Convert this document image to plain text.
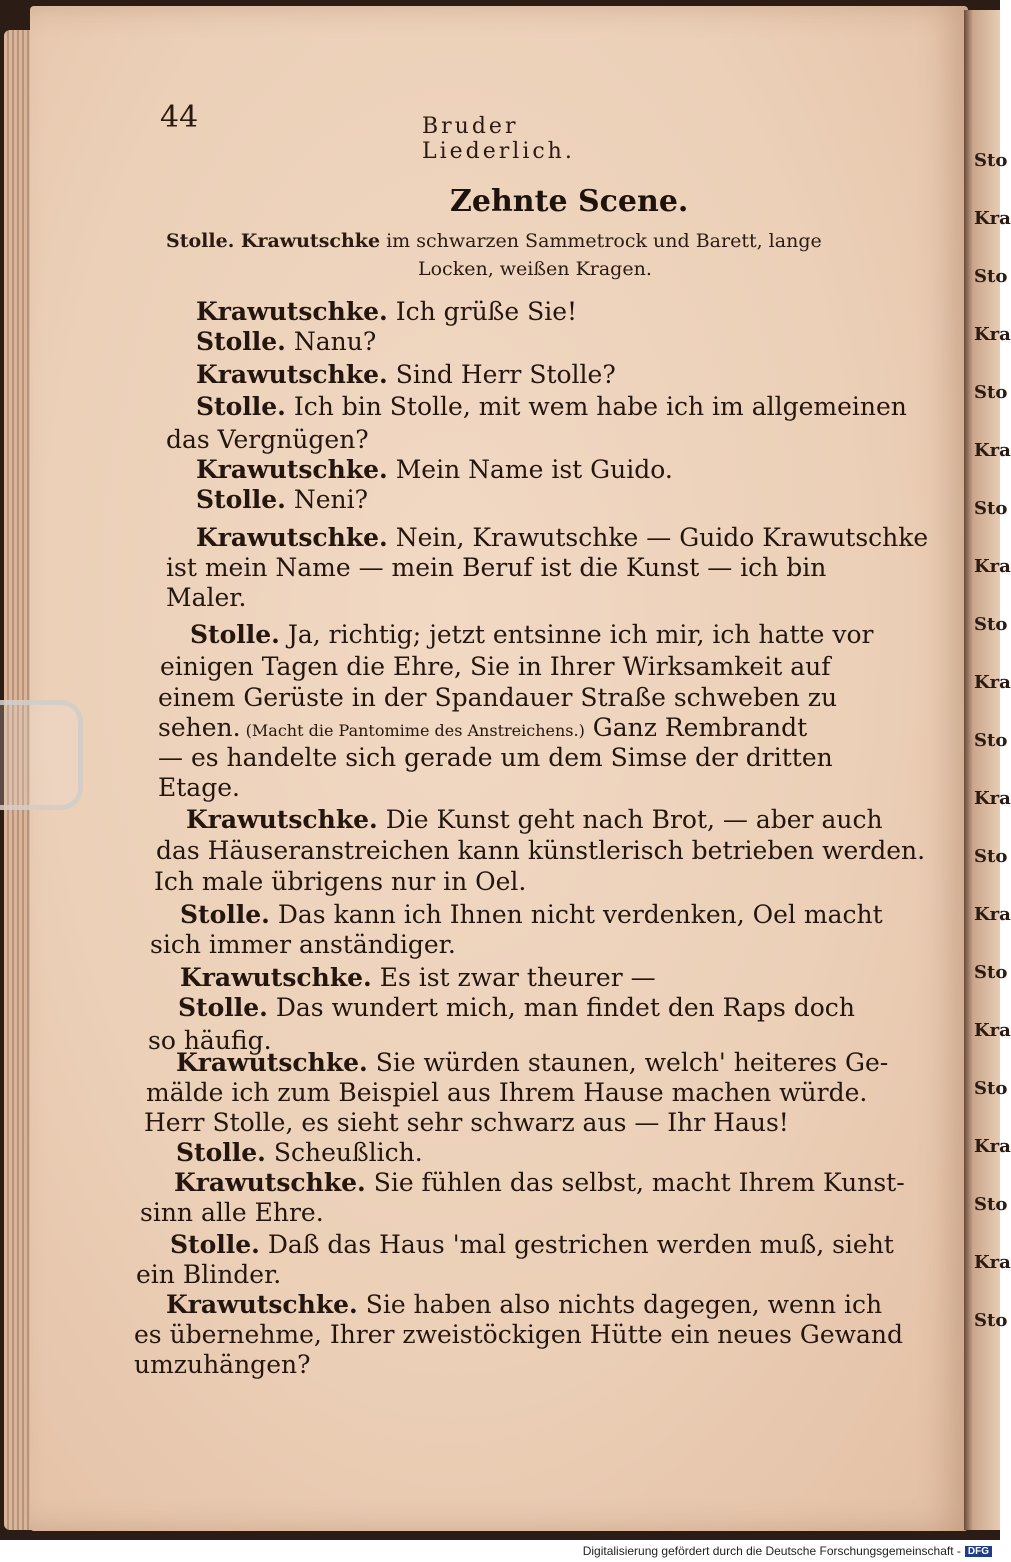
Sto
Kra
Sto
Kra
Sto
Kra
Sto
Kra
Sto
Kra
Sto
Kra
Sto
Kra
Sto
Kra
Sto
Kra
Sto
Kra
Sto
44	Bruder Liederlich.
Zehnte Scene.
Stolle. Krawutschke im schwarzen Sammetrock und Barett, lange
Locken, weißen Kragen.
Krawutschke. Ich grüße Sie!
Stolle. Nanu?
Krawutschke. Sind Herr Stolle?
Stolle. Ich bin Stolle, mit wem habe ich im allgemeinen
das Vergnügen?
Krawutschke. Mein Name ist Guido.
Stolle. Neni?
Krawutschke. Nein, Krawutschke — Guido Krawutschke
ist mein Name — mein Beruf ist die Kunst — ich bin
Maler.
Stolle. Ja, richtig; jetzt entsinne ich mir, ich hatte vor
einigen Tagen die Ehre, Sie in Ihrer Wirksamkeit auf
einem Gerüste in der Spandauer Straße schweben zu
sehen. (Macht die Pantomime des Anstreichens.) Ganz Rembrandt
— es handelte sich gerade um dem Simse der dritten
Etage.
Krawutschke. Die Kunst geht nach Brot, — aber auch
das Häuseranstreichen kann künstlerisch betrieben werden.
Ich male übrigens nur in Oel.
Stolle. Das kann ich Ihnen nicht verdenken, Oel macht
sich immer anständiger.
Krawutschke. Es ist zwar theurer —
Stolle. Das wundert mich, man findet den Raps doch
so häufig.
Krawutschke. Sie würden staunen, welch' heiteres Ge-
mälde ich zum Beispiel aus Ihrem Hause machen würde.
Herr Stolle, es sieht sehr schwarz aus — Ihr Haus!
Stolle. Scheußlich.
Krawutschke. Sie fühlen das selbst, macht Ihrem Kunst-
sinn alle Ehre.
Stolle. Daß das Haus 'mal gestrichen werden muß, sieht
ein Blinder.
Krawutschke. Sie haben also nichts dagegen, wenn ich
es übernehme, Ihrer zweistöckigen Hütte ein neues Gewand
umzuhängen?
Digitalisierung gefördert durch die Deutsche Forschungsgemeinschaft - DFG
